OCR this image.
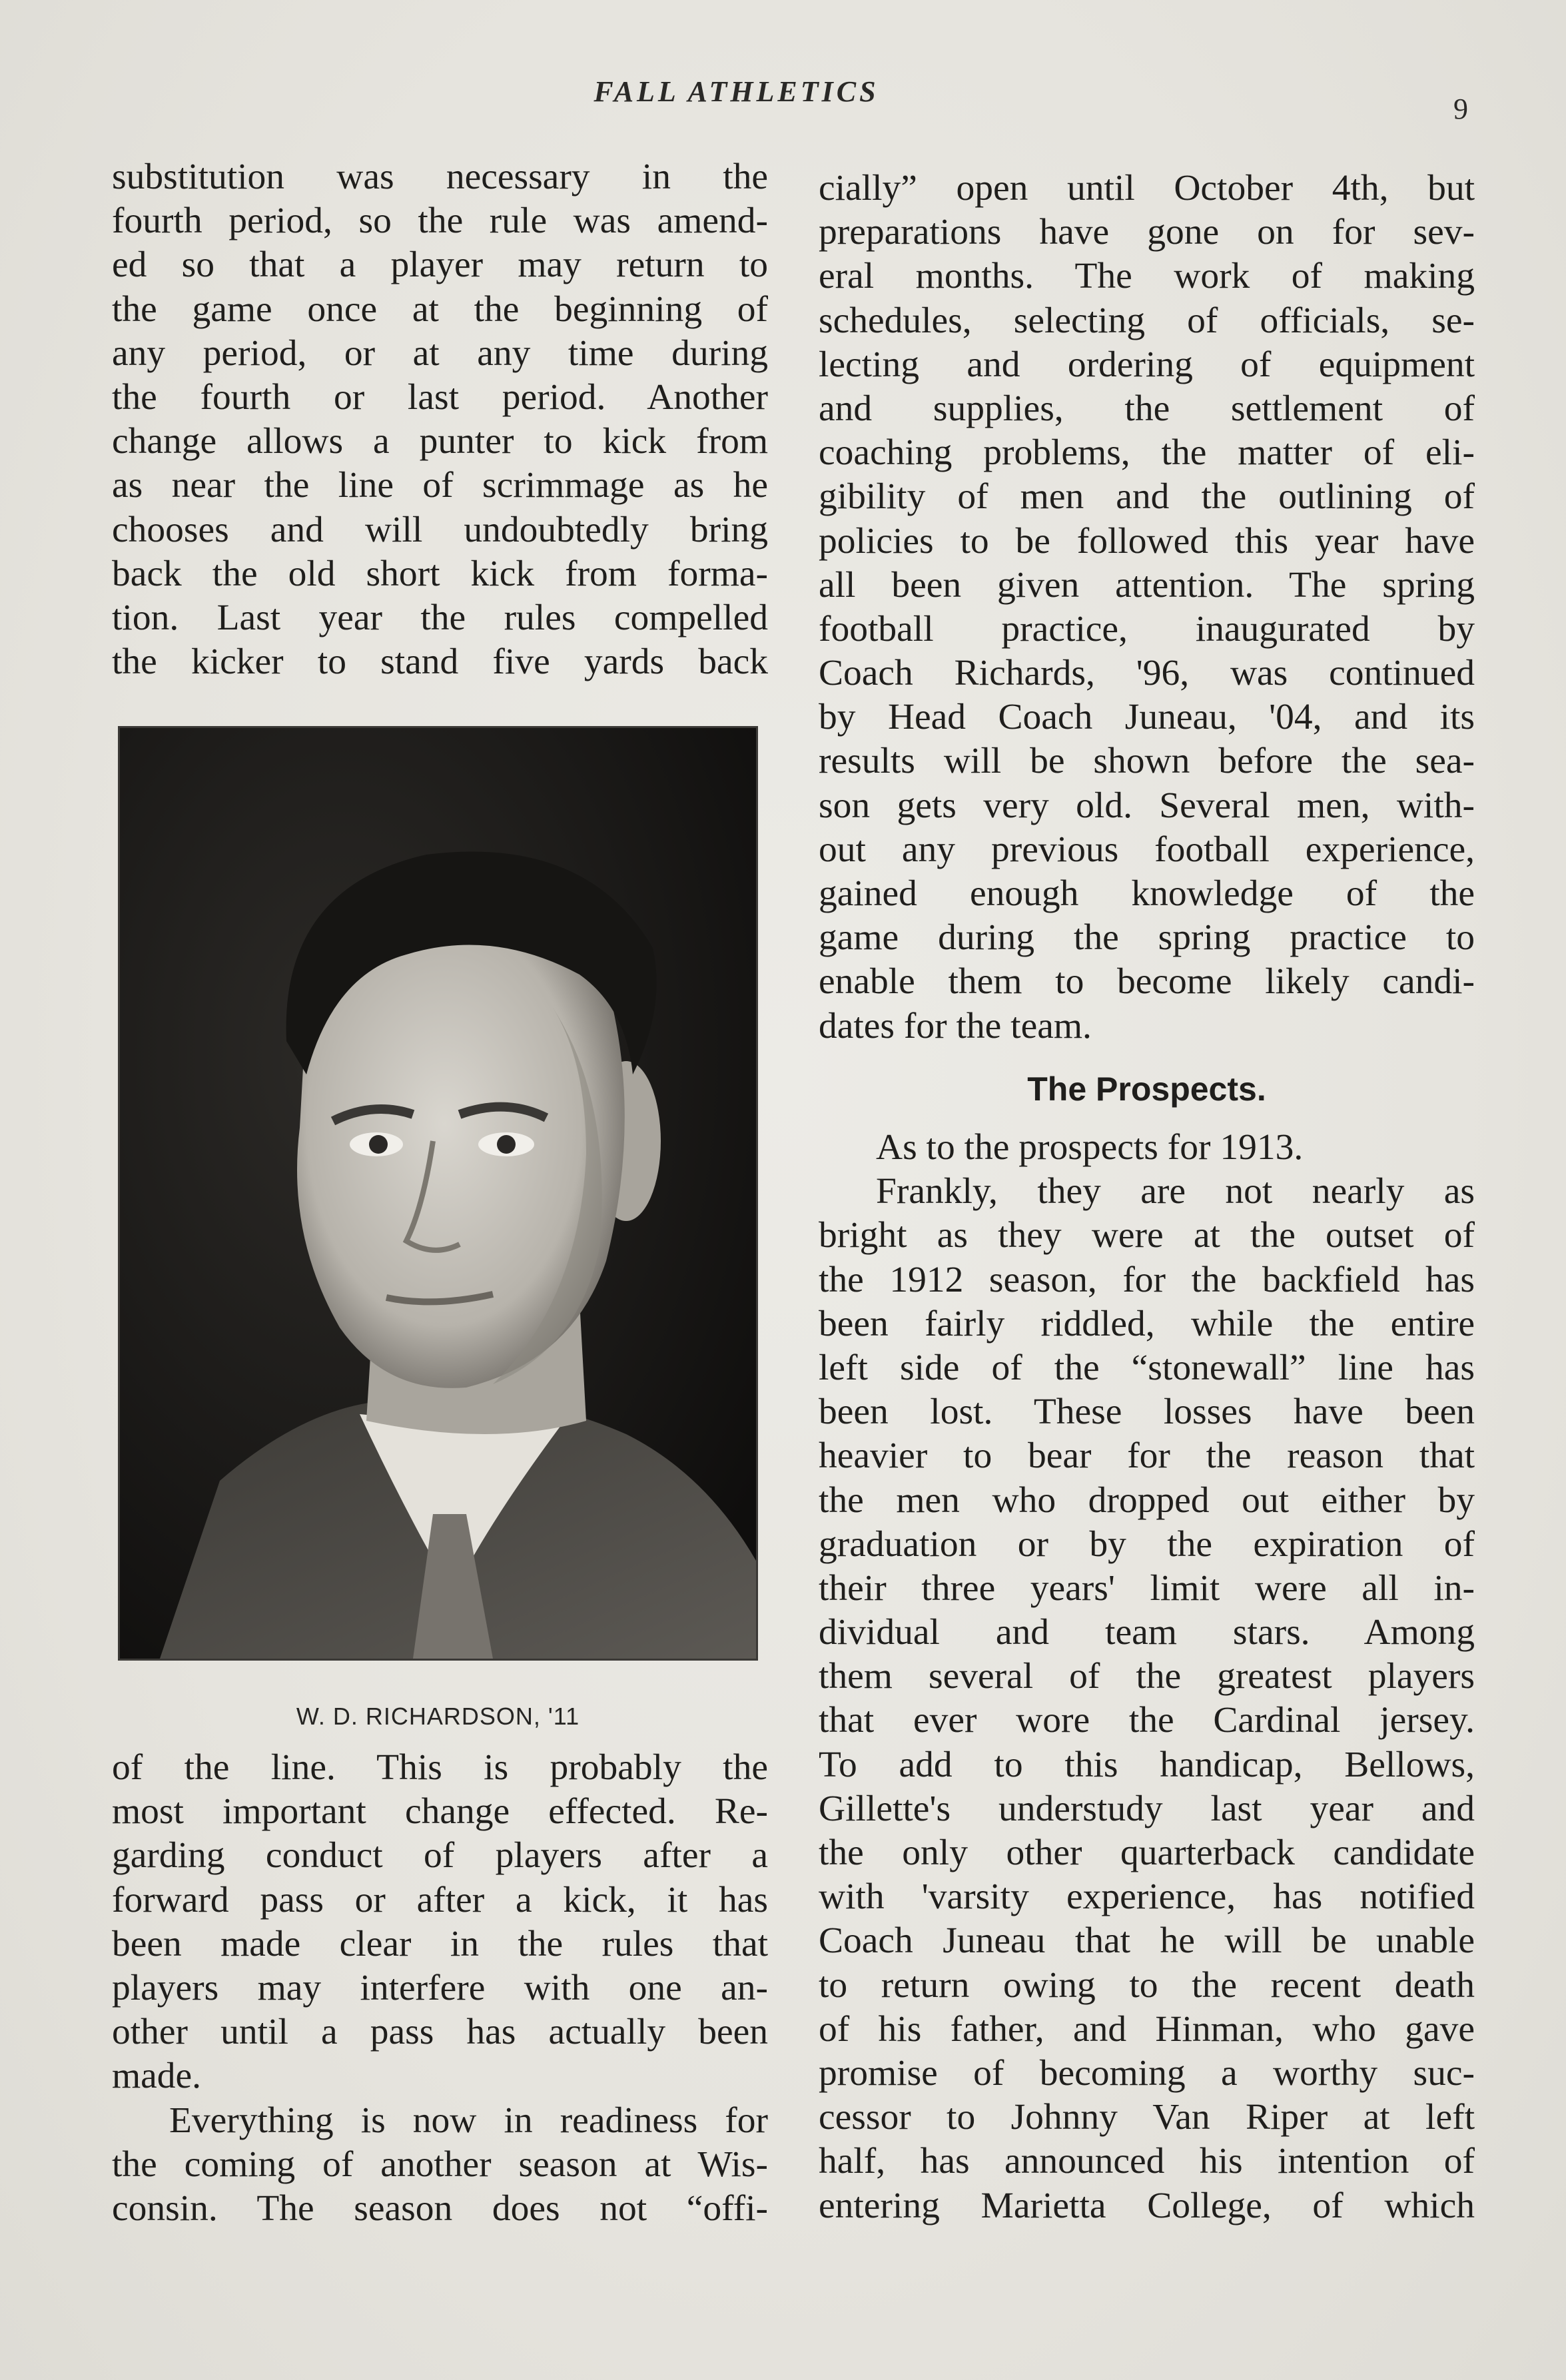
FALL ATHLETICS
9
substitution was necessary in the
fourth period, so the rule was amend-
ed so that a player may return to
the game once at the beginning of
any period, or at any time during
the fourth or last period. Another
change allows a punter to kick from
as near the line of scrimmage as he
chooses and will undoubtedly bring
back the old short kick from forma-
tion. Last year the rules compelled
the kicker to stand five yards back
W. D. RICHARDSON, '11
of the line. This is probably the
most important change effected. Re-
garding conduct of players after a
forward pass or after a kick, it has
been made clear in the rules that
players may interfere with one an-
other until a pass has actually been
made.
Everything is now in readiness for
the coming of another season at Wis-
consin. The season does not “offi-
cially” open until October 4th, but
preparations have gone on for sev-
eral months. The work of making
schedules, selecting of officials, se-
lecting and ordering of equipment
and supplies, the settlement of
coaching problems, the matter of eli-
gibility of men and the outlining of
policies to be followed this year have
all been given attention. The spring
football practice, inaugurated by
Coach Richards, '96, was continued
by Head Coach Juneau, '04, and its
results will be shown before the sea-
son gets very old. Several men, with-
out any previous football experience,
gained enough knowledge of the
game during the spring practice to
enable them to become likely candi-
dates for the team.
The Prospects.
As to the prospects for 1913.
Frankly, they are not nearly as
bright as they were at the outset of
the 1912 season, for the backfield has
been fairly riddled, while the entire
left side of the “stonewall” line has
been lost. These losses have been
heavier to bear for the reason that
the men who dropped out either by
graduation or by the expiration of
their three years' limit were all in-
dividual and team stars. Among
them several of the greatest players
that ever wore the Cardinal jersey.
To add to this handicap, Bellows,
Gillette's understudy last year and
the only other quarterback candidate
with 'varsity experience, has notified
Coach Juneau that he will be unable
to return owing to the recent death
of his father, and Hinman, who gave
promise of becoming a worthy suc-
cessor to Johnny Van Riper at left
half, has announced his intention of
entering Marietta College, of which
